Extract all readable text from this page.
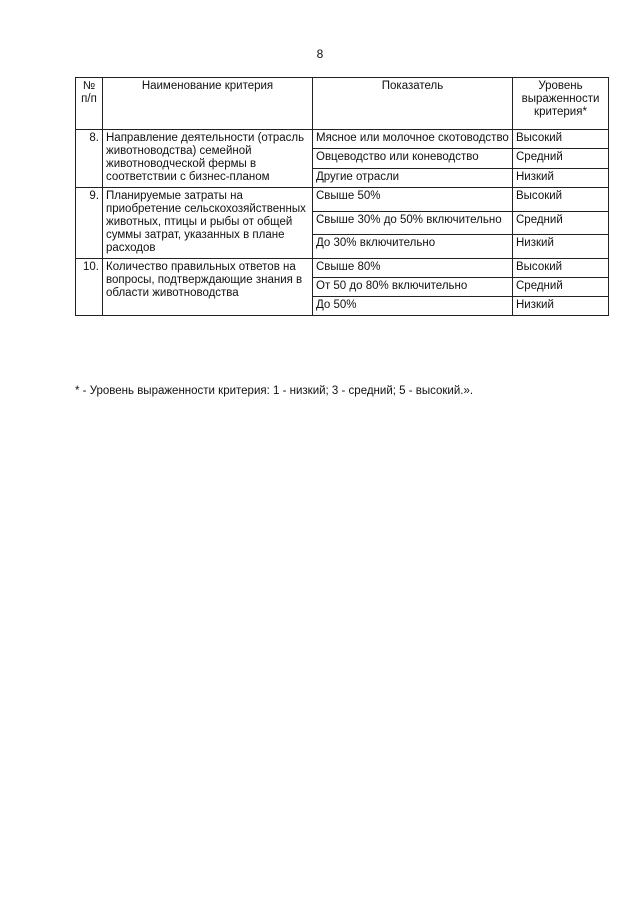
8
№ п/п	Наименование критерия	Показатель	Уровень выраженности критерия*
8.	Направление деятельности (отрасль животноводства) семейной животноводческой фермы в соответствии с бизнес-планом	Мясное или молочное скотоводство	Высокий
		Овцеводство или коневодство	Средний
		Другие отрасли	Низкий
9.	Планируемые затраты на приобретение сельскохозяйственных животных, птицы и рыбы от общей суммы затрат, указанных в плане расходов	Свыше 50%	Высокий
		Свыше 30% до 50% включительно	Средний
		До 30% включительно	Низкий
10.	Количество правильных ответов на вопросы, подтверждающие знания в области животноводства	Свыше 80%	Высокий
		От 50 до 80% включительно	Средний
		До 50%	Низкий
* - Уровень выраженности критерия: 1 - низкий; 3 - средний; 5 - высокий.».
